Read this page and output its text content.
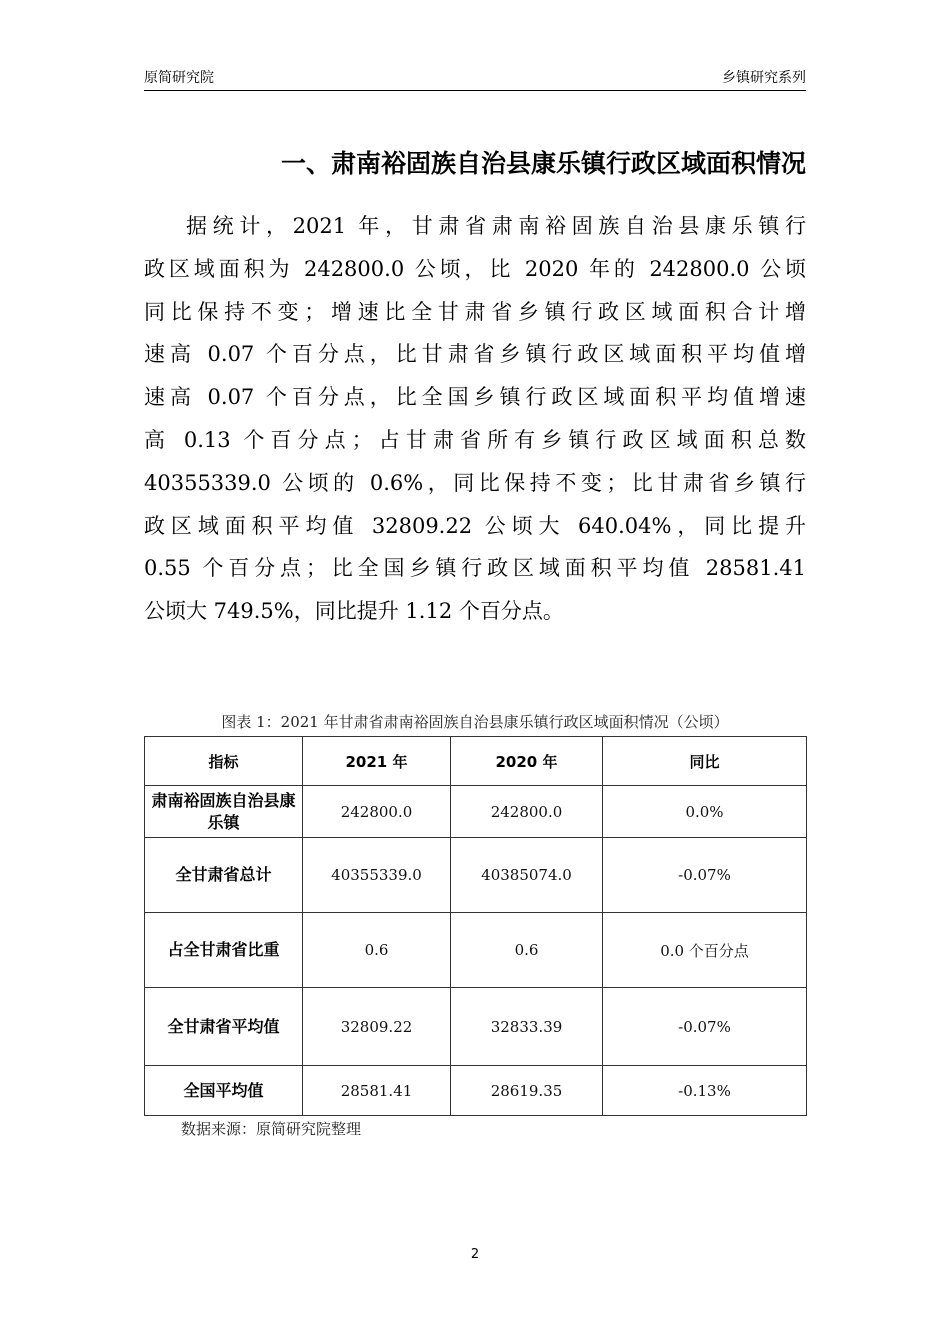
原简研究院	乡镇研究系列
一、肃南裕固族自治县康乐镇行政区域面积情况
据统计，2021 年，甘肃省肃南裕固族自治县康乐镇行
政区域面积为 242800.0 公顷，比 2020 年的 242800.0 公顷
同比保持不变；增速比全甘肃省乡镇行政区域面积合计增
速高 0.07 个百分点，比甘肃省乡镇行政区域面积平均值增
速高 0.07 个百分点，比全国乡镇行政区域面积平均值增速
高 0.13 个百分点；占甘肃省所有乡镇行政区域面积总数
40355339.0 公顷的 0.6%，同比保持不变；比甘肃省乡镇行
政区域面积平均值 32809.22 公顷大 640.04%，同比提升
0.55 个百分点；比全国乡镇行政区域面积平均值 28581.41
公顷大 749.5%，同比提升 1.12 个百分点。
图表 1：2021 年甘肃省肃南裕固族自治县康乐镇行政区域面积情况（公顷）
指标	2021 年	2020 年	同比
肃南裕固族自治县康乐镇	242800.0	242800.0	0.0%
全甘肃省总计	40355339.0	40385074.0	-0.07%
占全甘肃省比重	0.6	0.6	0.0 个百分点
全甘肃省平均值	32809.22	32833.39	-0.07%
全国平均值	28581.41	28619.35	-0.13%
数据来源：原简研究院整理
2
